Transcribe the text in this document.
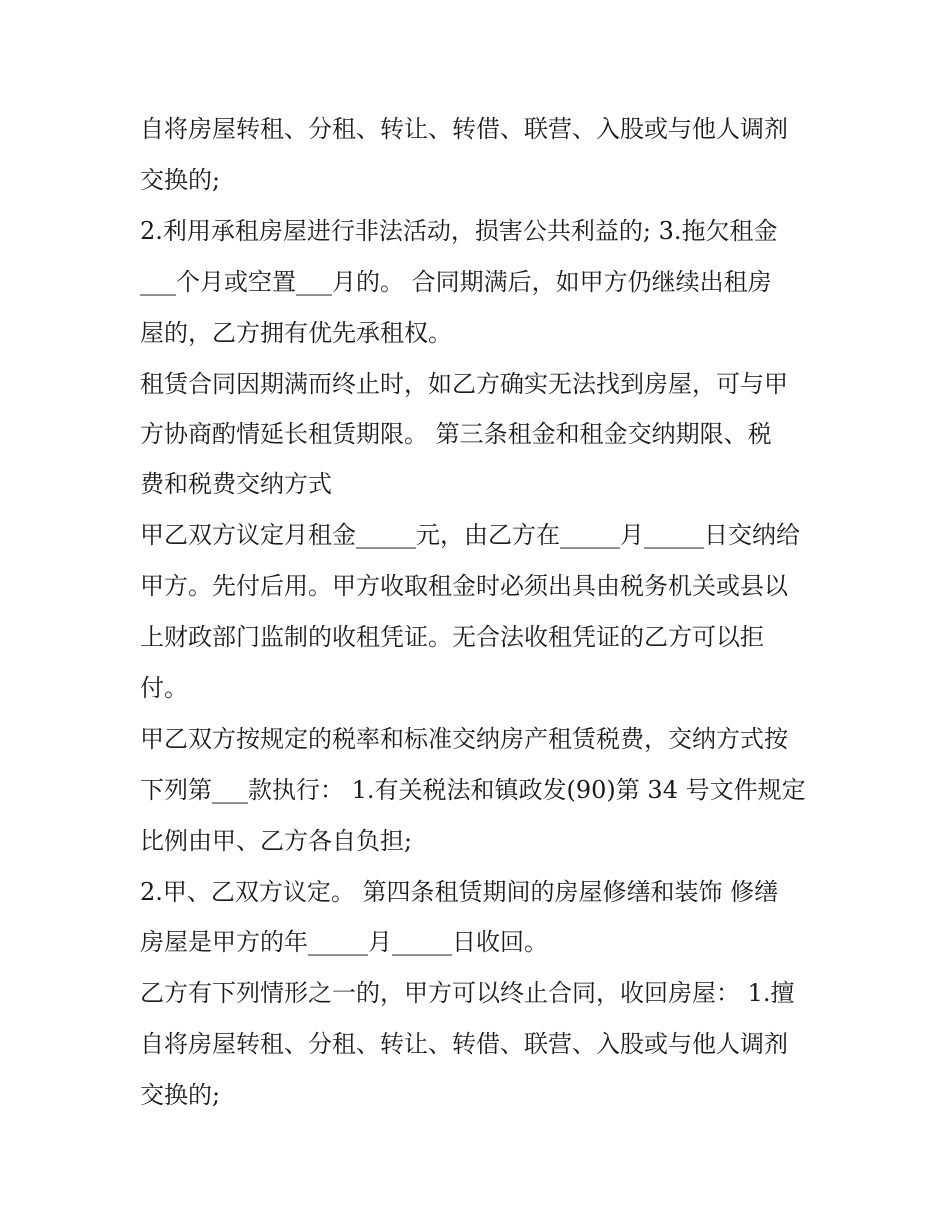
自将房屋转租、分租、转让、转借、联营、入股或与他人调剂
交换的;
2.利用承租房屋进行非法活动，损害公共利益的; 3.拖欠租金
___个月或空置___月的。 合同期满后，如甲方仍继续出租房
屋的，乙方拥有优先承租权。
租赁合同因期满而终止时，如乙方确实无法找到房屋，可与甲
方协商酌情延长租赁期限。 第三条租金和租金交纳期限、税
费和税费交纳方式
甲乙双方议定月租金_____元，由乙方在_____月_____日交纳给
甲方。先付后用。甲方收取租金时必须出具由税务机关或县以
上财政部门监制的收租凭证。无合法收租凭证的乙方可以拒
付。
甲乙双方按规定的税率和标准交纳房产租赁税费，交纳方式按
下列第___款执行： 1.有关税法和镇政发(90)第 34 号文件规定
比例由甲、乙方各自负担;
2.甲、乙双方议定。 第四条租赁期间的房屋修缮和装饰 修缮
房屋是甲方的年_____月_____日收回。
乙方有下列情形之一的，甲方可以终止合同，收回房屋： 1.擅
自将房屋转租、分租、转让、转借、联营、入股或与他人调剂
交换的;
